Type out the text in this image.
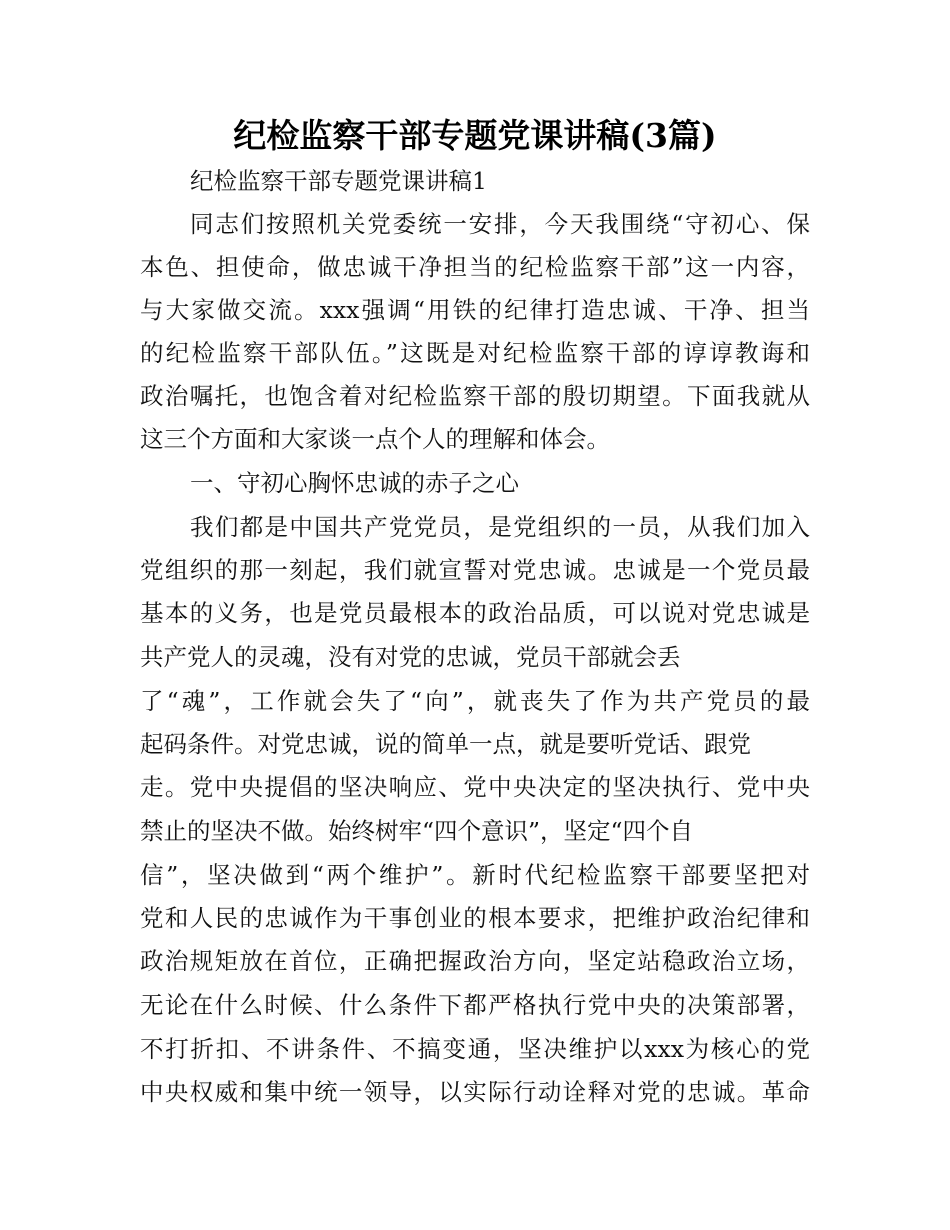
纪检监察干部专题党课讲稿(3篇)
纪检监察干部专题党课讲稿1
同志们按照机关党委统一安排，今天我围绕“守初心、保
本色、担使命，做忠诚干净担当的纪检监察干部”这一内容，
与大家做交流。xxx强调“用铁的纪律打造忠诚、干净、担当
的纪检监察干部队伍。”这既是对纪检监察干部的谆谆教诲和
政治嘱托，也饱含着对纪检监察干部的殷切期望。下面我就从
这三个方面和大家谈一点个人的理解和体会。
一、守初心胸怀忠诚的赤子之心
我们都是中国共产党党员，是党组织的一员，从我们加入
党组织的那一刻起，我们就宣誓对党忠诚。忠诚是一个党员最
基本的义务，也是党员最根本的政治品质，可以说对党忠诚是
共产党人的灵魂，没有对党的忠诚，党员干部就会丢
了“魂”，工作就会失了“向”，就丧失了作为共产党员的最
起码条件。对党忠诚，说的简单一点，就是要听党话、跟党
走。党中央提倡的坚决响应、党中央决定的坚决执行、党中央
禁止的坚决不做。始终树牢“四个意识”，坚定“四个自
信”，坚决做到“两个维护”。新时代纪检监察干部要坚把对
党和人民的忠诚作为干事创业的根本要求，把维护政治纪律和
政治规矩放在首位，正确把握政治方向，坚定站稳政治立场，
无论在什么时候、什么条件下都严格执行党中央的决策部署，
不打折扣、不讲条件、不搞变通，坚决维护以xxx为核心的党
中央权威和集中统一领导，以实际行动诠释对党的忠诚。革命
